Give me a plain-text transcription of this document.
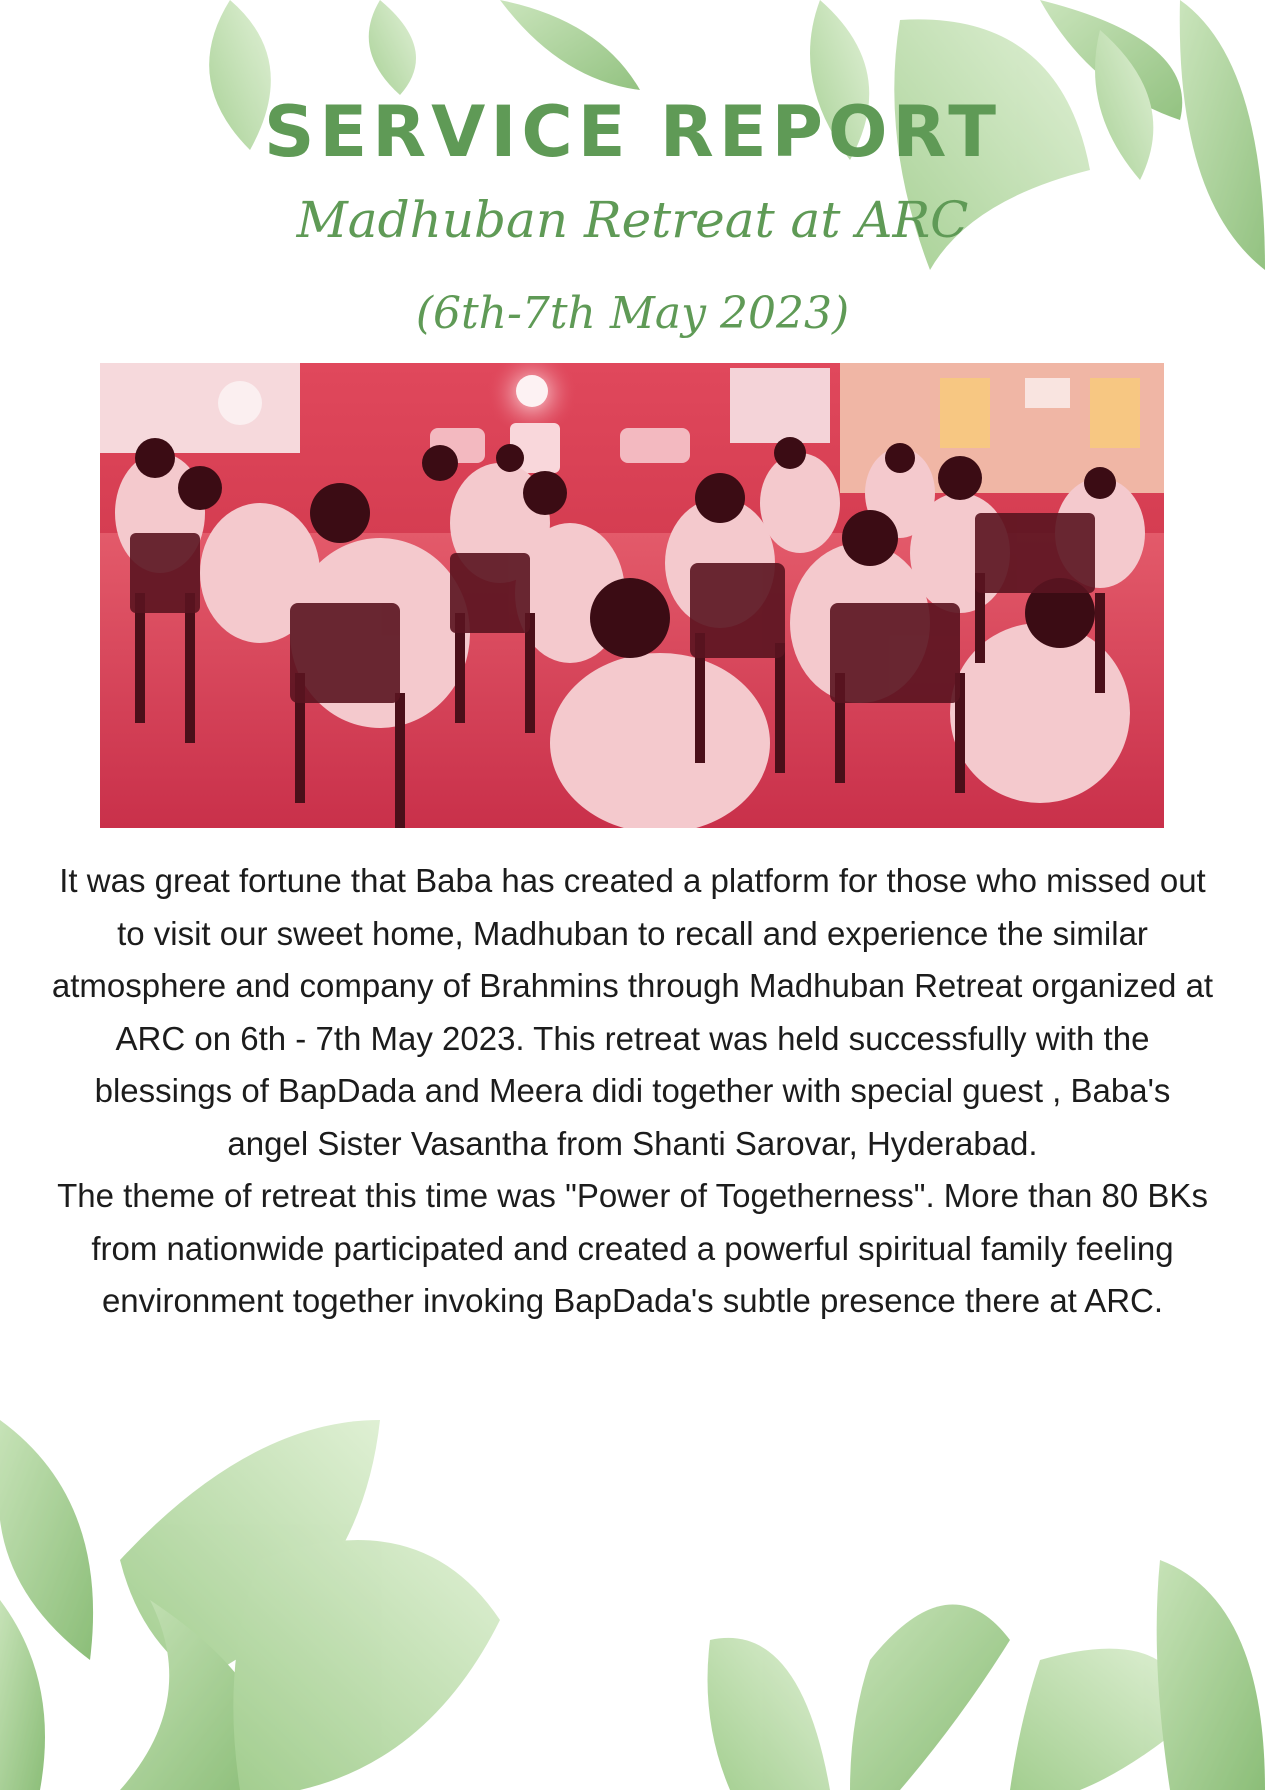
SERVICE REPORT

Madhuban Retreat at ARC

(6th-7th May 2023)

It was great fortune that Baba has created a platform for those who missed out to visit our sweet home, Madhuban to recall and experience the similar atmosphere and company of Brahmins through Madhuban Retreat organized at ARC on 6th - 7th May 2023. This retreat was held successfully with the blessings of BapDada and Meera didi together with special guest , Baba's angel Sister Vasantha from Shanti Sarovar, Hyderabad.

The theme of retreat this time was "Power of Togetherness". More than 80 BKs from nationwide participated and created a powerful spiritual family feeling environment together invoking BapDada's subtle presence there at ARC.
